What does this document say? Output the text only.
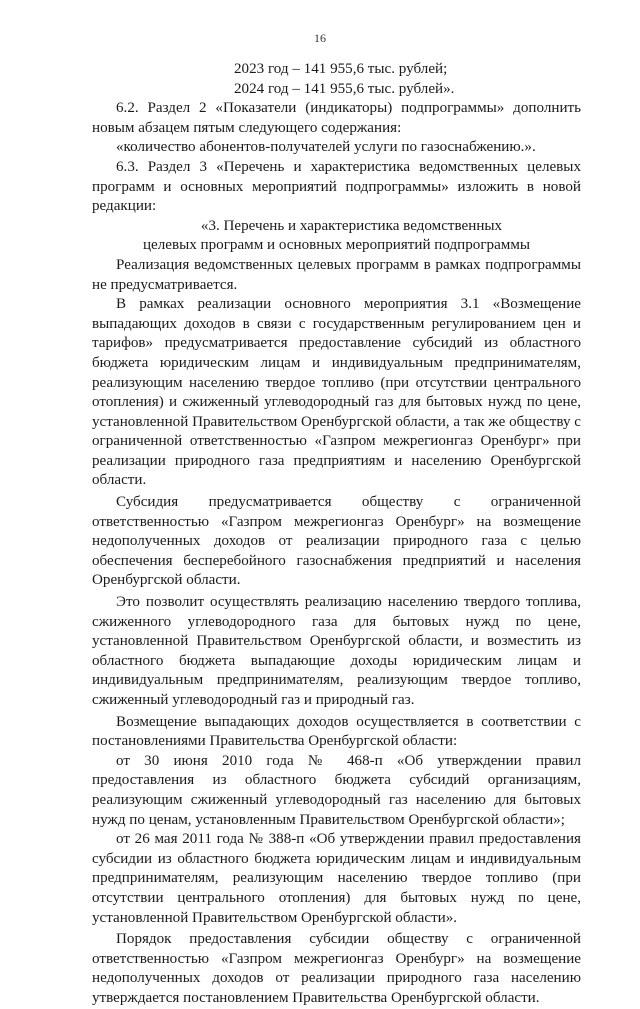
16

2023 год – 141 955,6 тыс. рублей;

2024 год – 141 955,6 тыс. рублей».

6.2. Раздел 2 «Показатели (индикаторы) подпрограммы» дополнить новым абзацем пятым следующего содержания:

«количество абонентов-получателей услуги по газоснабжению.».

6.3. Раздел 3 «Перечень и характеристика ведомственных целевых программ и основных мероприятий подпрограммы» изложить в новой редакции:

«3. Перечень и характеристика ведомственных

целевых программ и основных мероприятий подпрограммы

Реализация ведомственных целевых программ в рамках подпрограммы не предусматривается.

В рамках реализации основного мероприятия 3.1 «Возмещение выпадающих доходов в связи с государственным регулированием цен и тарифов» предусматривается предоставление субсидий из областного бюджета юридическим лицам и индивидуальным предпринимателям, реализующим населению твердое топливо (при отсутствии центрального отопления) и сжиженный углеводородный газ для бытовых нужд по цене, установленной Правительством Оренбургской области, а так же обществу с ограниченной ответственностью «Газпром межрегионгаз Оренбург» при реализации природного газа предприятиям и населению Оренбургской области.

Субсидия предусматривается обществу с ограниченной ответственностью «Газпром межрегионгаз Оренбург» на возмещение недополученных доходов от реализации природного газа с целью обеспечения бесперебойного газоснабжения предприятий и населения Оренбургской области.

Это позволит осуществлять реализацию населению твердого топлива, сжиженного углеводородного газа для бытовых нужд по цене, установленной Правительством Оренбургской области, и возместить из областного бюджета выпадающие доходы юридическим лицам и индивидуальным предпринимателям, реализующим твердое топливо, сжиженный углеводородный газ и природный газ.

Возмещение выпадающих доходов осуществляется в соответствии с постановлениями Правительства Оренбургской области:

от 30 июня 2010 года № 468-п «Об утверждении правил предоставления из областного бюджета субсидий организациям, реализующим сжиженный углеводородный газ населению для бытовых нужд по ценам, установленным Правительством Оренбургской области»;

от 26 мая 2011 года № 388-п «Об утверждении правил предоставления субсидии из областного бюджета юридическим лицам и индивидуальным предпринимателям, реализующим населению твердое топливо (при отсутствии центрального отопления) для бытовых нужд по цене, установленной Правительством Оренбургской области».

Порядок предоставления субсидии обществу с ограниченной ответственностью «Газпром межрегионгаз Оренбург» на возмещение недополученных доходов от реализации природного газа населению утверждается постановлением Правительства Оренбургской области.
